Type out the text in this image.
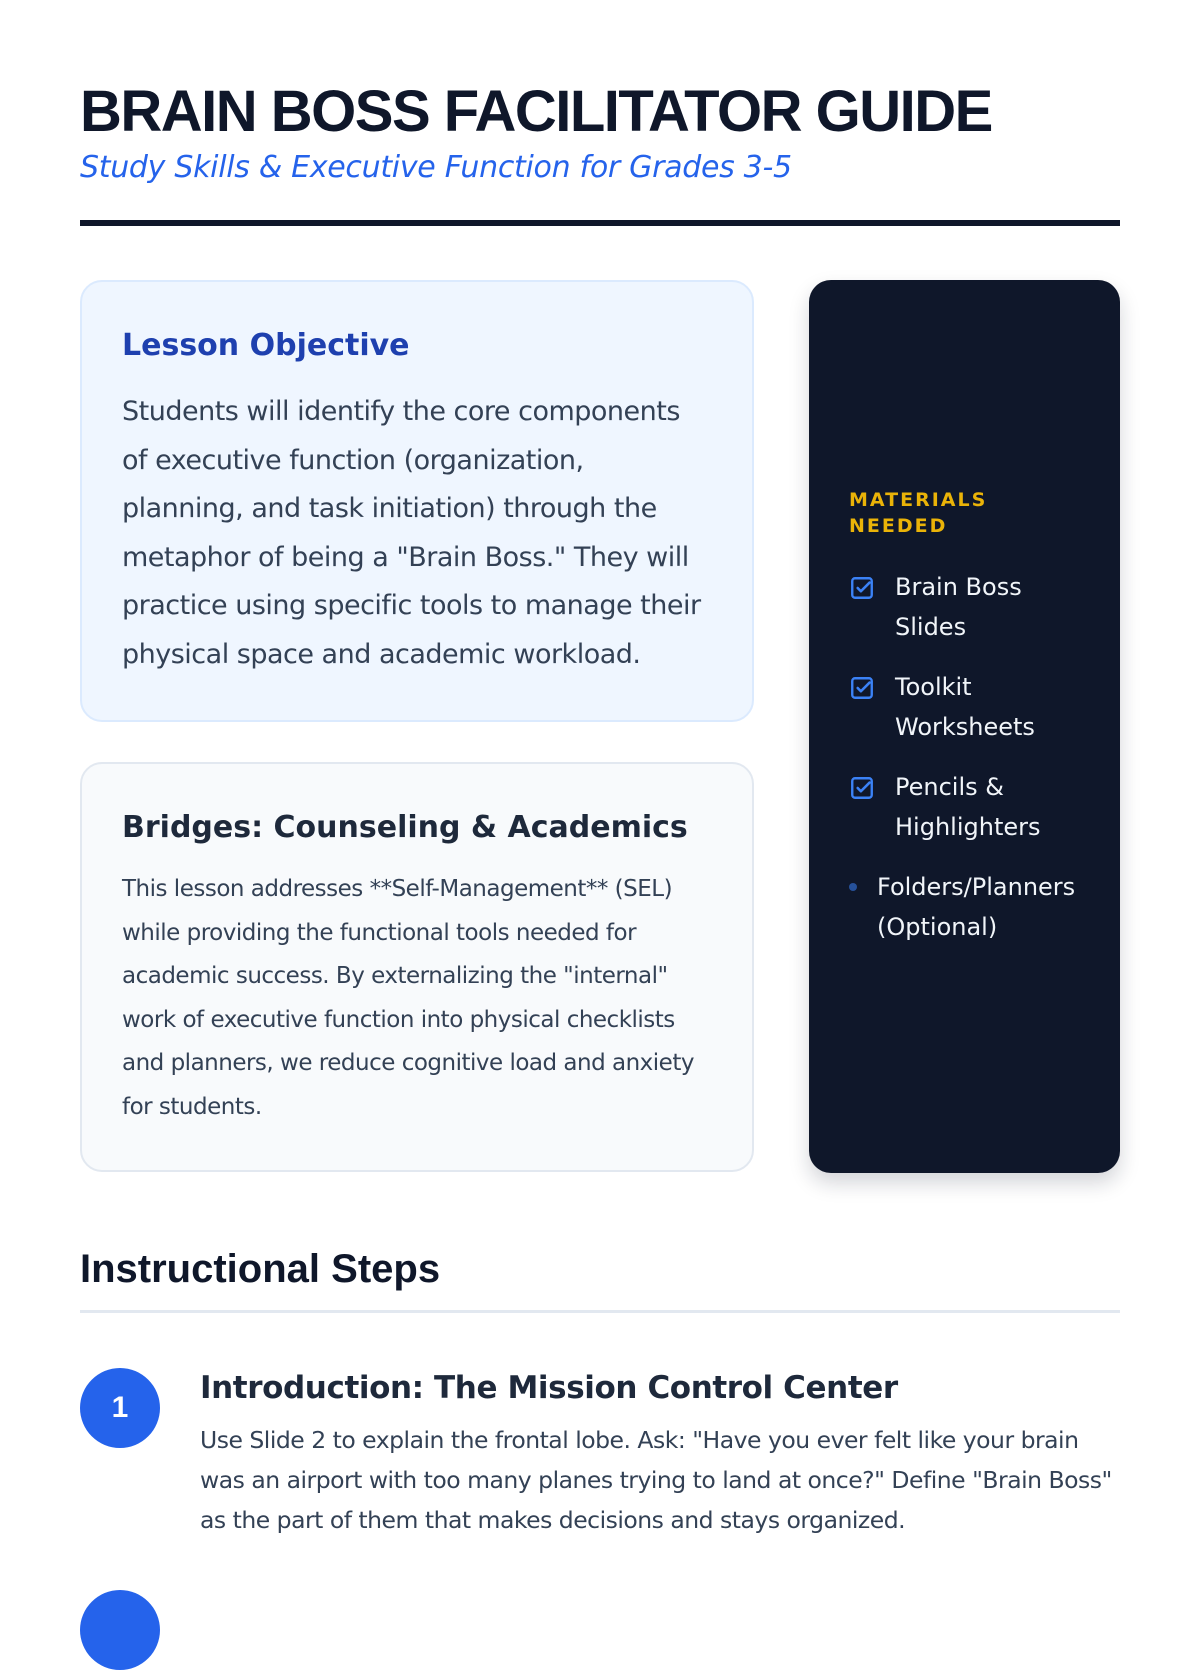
BRAIN BOSS FACILITATOR GUIDE

Study Skills & Executive Function for Grades 3-5

Lesson Objective

Students will identify the core components of executive function (organization, planning, and task initiation) through the metaphor of being a "Brain Boss." They will practice using specific tools to manage their physical space and academic workload.

Bridges: Counseling & Academics

This lesson addresses **Self-Management** (SEL) while providing the functional tools needed for academic success. By externalizing the "internal" work of executive function into physical checklists and planners, we reduce cognitive load and anxiety for students.

MATERIALS NEEDED
Brain Boss Slides
Toolkit Worksheets
Pencils & Highlighters
Folders/Planners (Optional)
Instructional Steps
1
Introduction: The Mission Control Center

Use Slide 2 to explain the frontal lobe. Ask: "Have you ever felt like your brain was an airport with too many planes trying to land at once?" Define "Brain Boss" as the part of them that makes decisions and stays organized.
